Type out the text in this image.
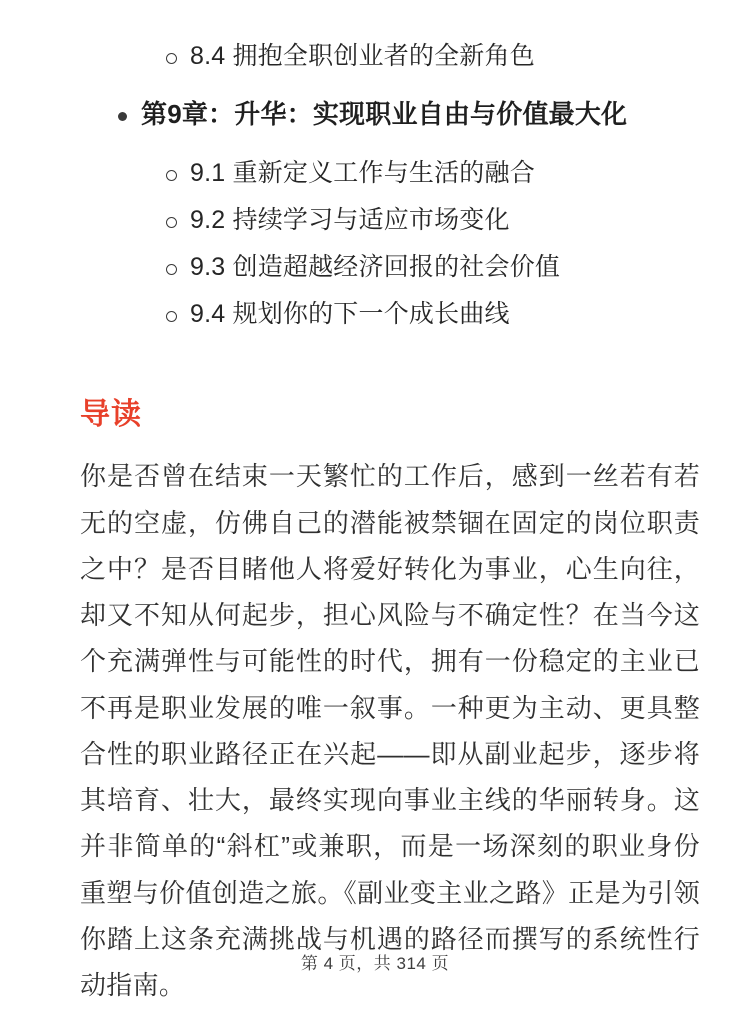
8.4 拥抱全职创业者的全新角色
第9章：升华：实现职业自由与价值最大化
9.1 重新定义工作与生活的融合
9.2 持续学习与适应市场变化
9.3 创造超越经济回报的社会价值
9.4 规划你的下一个成长曲线
导读

你是否曾在结束一天繁忙的工作后，感到一丝若有若无的空虚，仿佛自己的潜能被禁锢在固定的岗位职责之中？是否目睹他人将爱好转化为事业，心生向往，却又不知从何起步，担心风险与不确定性？在当今这个充满弹性与可能性的时代，拥有一份稳定的主业已不再是职业发展的唯一叙事。一种更为主动、更具整合性的职业路径正在兴起——即从副业起步，逐步将其培育、壮大，最终实现向事业主线的华丽转身。这并非简单的“斜杠”或兼职，而是一场深刻的职业身份重塑与价值创造之旅。《副业变主业之路》正是为引领你踏上这条充满挑战与机遇的路径而撰写的系统性行动指南。

第 4 页，共 314 页
